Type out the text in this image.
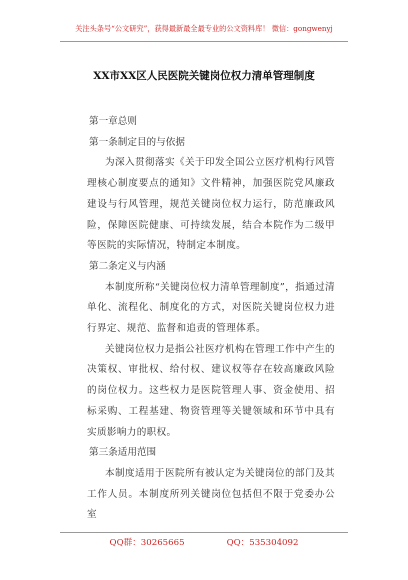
关注头条号“公文研究”，获得最新最全最专业的公文资料库！ 微信：gongwenyj
XX市XX区人民医院关键岗位权力清单管理制度

第一章总则

第一条制定目的与依据

为深入贯彻落实《关于印发全国公立医疗机构行风管理核心制度要点的通知》文件精神，加强医院党风廉政建设与行风管理，规范关键岗位权力运行，防范廉政风险，保障医院健康、可持续发展，结合本院作为二级甲等医院的实际情况，特制定本制度。

第二条定义与内涵

本制度所称“关键岗位权力清单管理制度”，指通过清单化、流程化、制度化的方式，对医院关键岗位权力进行界定、规范、监督和追责的管理体系。

关键岗位权力是指公社医疗机构在管理工作中产生的决策权、审批权、给付权、建议权等存在较高廉政风险的岗位权力。这些权力是医院管理人事、资金使用、招标采购、工程基建、物资管理等关键领域和环节中具有实质影响力的职权。

第三条适用范围

本制度适用于医院所有被认定为关键岗位的部门及其工作人员。本制度所列关键岗位包括但不限于党委办公室

QQ群：30265665	QQ：535304092
